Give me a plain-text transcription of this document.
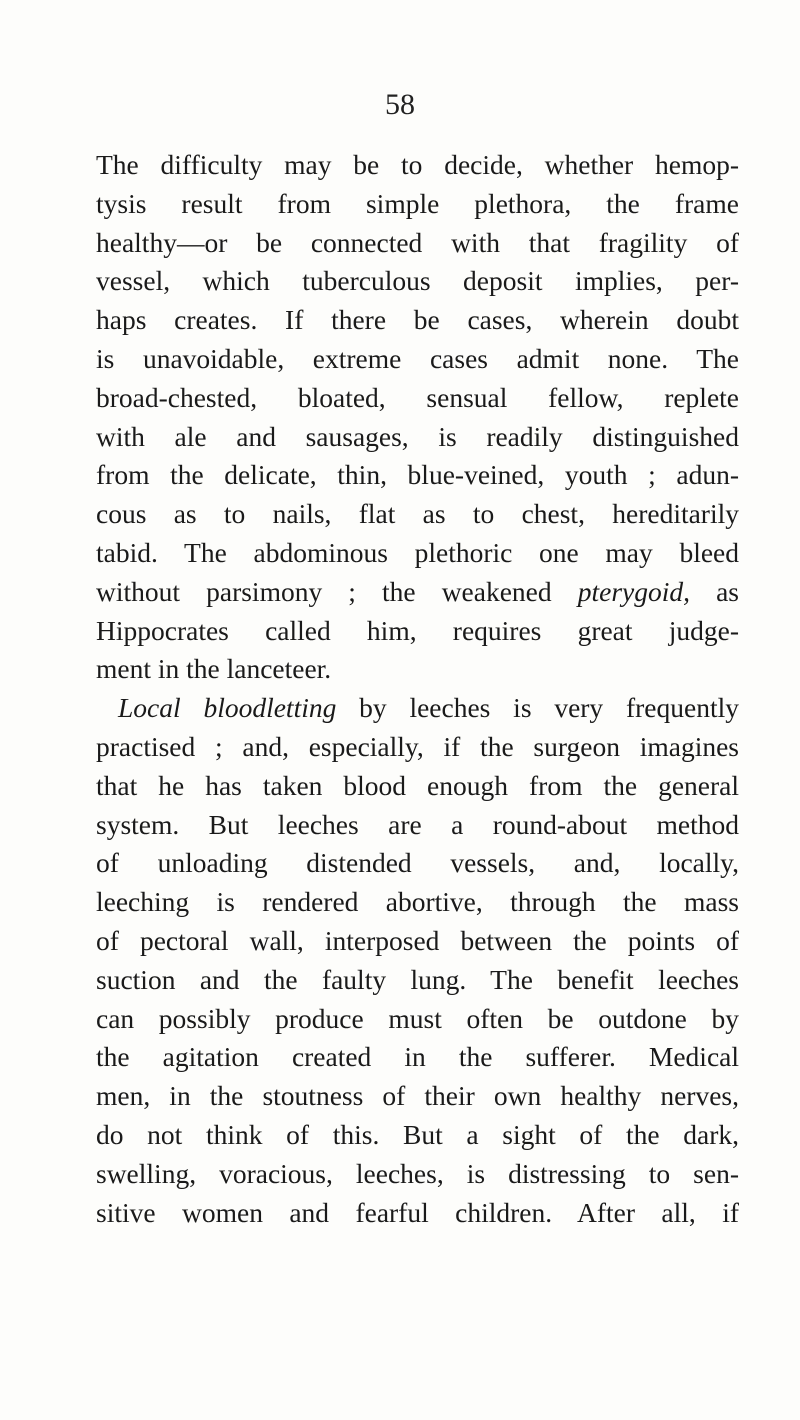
58
The difficulty may be to decide, whether hemop-
tysis result from simple plethora, the frame
healthy—or be connected with that fragility of
vessel, which tuberculous deposit implies, per-
haps creates. If there be cases, wherein doubt
is unavoidable, extreme cases admit none. The
broad-chested, bloated, sensual fellow, replete
with ale and sausages, is readily distinguished
from the delicate, thin, blue-veined, youth ; adun-
cous as to nails, flat as to chest, hereditarily
tabid. The abdominous plethoric one may bleed
without parsimony ; the weakened pterygoid, as
Hippocrates called him, requires great judge-
ment in the lanceteer.
Local bloodletting by leeches is very frequently
practised ; and, especially, if the surgeon imagines
that he has taken blood enough from the general
system. But leeches are a round-about method
of unloading distended vessels, and, locally,
leeching is rendered abortive, through the mass
of pectoral wall, interposed between the points of
suction and the faulty lung. The benefit leeches
can possibly produce must often be outdone by
the agitation created in the sufferer. Medical
men, in the stoutness of their own healthy nerves,
do not think of this. But a sight of the dark,
swelling, voracious, leeches, is distressing to sen-
sitive women and fearful children. After all, if
